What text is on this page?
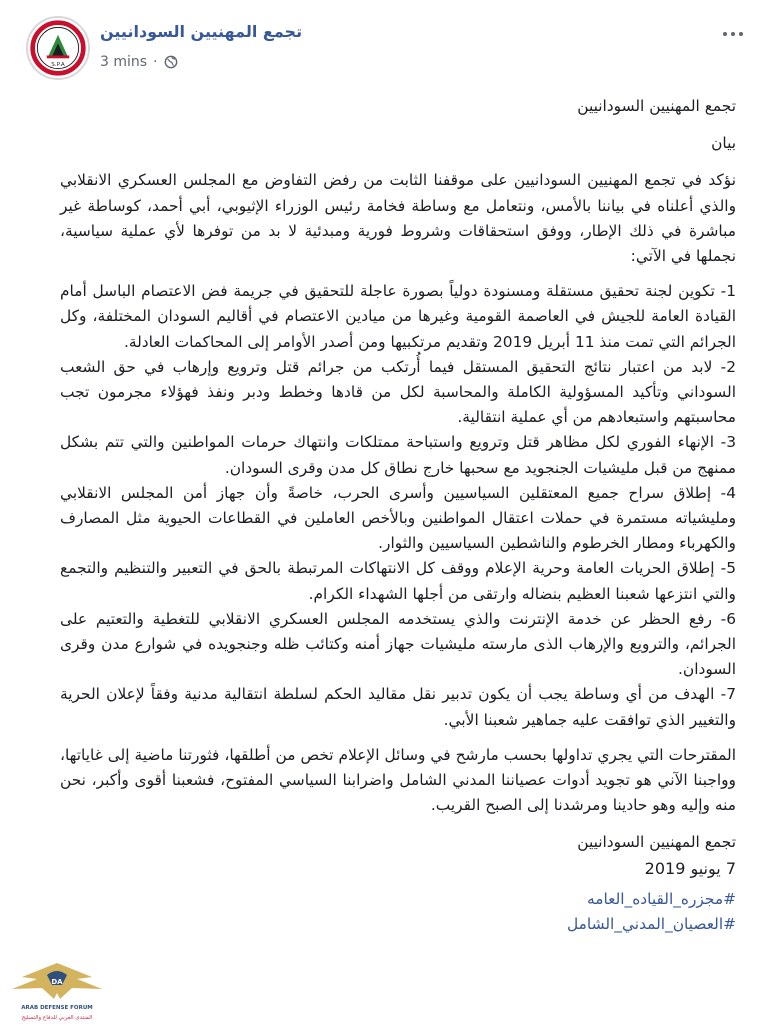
S.P.A
تجمع المهنيين السودانيين
3 mins ·

تجمع المهنيين السودانيين

بيان

نؤكد في تجمع المهنيين السودانيين على موقفنا الثابت من رفض التفاوض مع المجلس العسكري الانقلابي والذي أعلناه في بياننا بالأمس، ونتعامل مع وساطة فخامة رئيس الوزراء الإثيوبي، أبي أحمد، كوساطة غير مباشرة في ذلك الإطار، ووفق استحقاقات وشروط فورية ومبدئية لا بد من توفرها لأي عملية سياسية، نجملها في الآتي:

1- تكوين لجنة تحقيق مستقلة ومسنودة دولياً بصورة عاجلة للتحقيق في جريمة فض الاعتصام الباسل أمام القيادة العامة للجيش في العاصمة القومية وغيرها من ميادين الاعتصام في أقاليم السودان المختلفة، وكل الجرائم التي تمت منذ 11 أبريل 2019 وتقديم مرتكبيها ومن أصدر الأوامر إلى المحاكمات العادلة.

2- لابد من اعتبار نتائج التحقيق المستقل فيما أُرتكب من جرائم قتل وترويع وإرهاب في حق الشعب السوداني وتأكيد المسؤولية الكاملة والمحاسبة لكل من قادها وخطط ودبر ونفذ فهؤلاء مجرمون تجب محاسبتهم واستبعادهم من أي عملية انتقالية.

3- الإنهاء الفوري لكل مظاهر قتل وترويع واستباحة ممتلكات وانتهاك حرمات المواطنين والتي تتم بشكل ممنهج من قبل مليشيات الجنجويد مع سحبها خارج نطاق كل مدن وقرى السودان.

4- إطلاق سراح جميع المعتقلين السياسيين وأسرى الحرب، خاصةً وأن جهاز أمن المجلس الانقلابي وملیشیاته مستمرة في حملات اعتقال المواطنين وبالأخص العاملين في القطاعات الحيوية مثل المصارف والكهرباء ومطار الخرطوم والناشطين السياسيين والثوار.

5- إطلاق الحريات العامة وحرية الإعلام ووقف كل الانتهاكات المرتبطة بالحق في التعبير والتنظيم والتجمع والتي انتزعها شعبنا العظيم بنضاله وارتقى من أجلها الشهداء الكرام.

6- رفع الحظر عن خدمة الإنترنت والذي يستخدمه المجلس العسكري الانقلابي للتغطية والتعتيم على الجرائم، والترويع والإرهاب الذى مارسته مليشيات جهاز أمنه وكتائب ظله وجنجويده في شوارع مدن وقرى السودان.

7- الهدف من أي وساطة يجب أن يكون تدبير نقل مقاليد الحكم لسلطة انتقالية مدنية وفقاً لإعلان الحرية والتغيير الذي توافقت عليه جماهير شعبنا الأبي.

المقترحات التي يجري تداولها بحسب مارشح في وسائل الإعلام تخص من أطلقها، فثورتنا ماضية إلى غاياتها، وواجبنا الآني هو تجويد أدوات عصياننا المدني الشامل واضرابنا السياسي المفتوح، فشعبنا أقوى وأكبر، نحن منه وإليه وهو حادينا ومرشدنا إلى الصبح القريب.

تجمع المهنيين السودانيين

7 يونيو 2019

#مجزره_القياده_العامه
#العصيان_المدني_الشامل
DA
ARAB DEFENSE FORUM
المنتدى العربي للدفاع والتسليح
